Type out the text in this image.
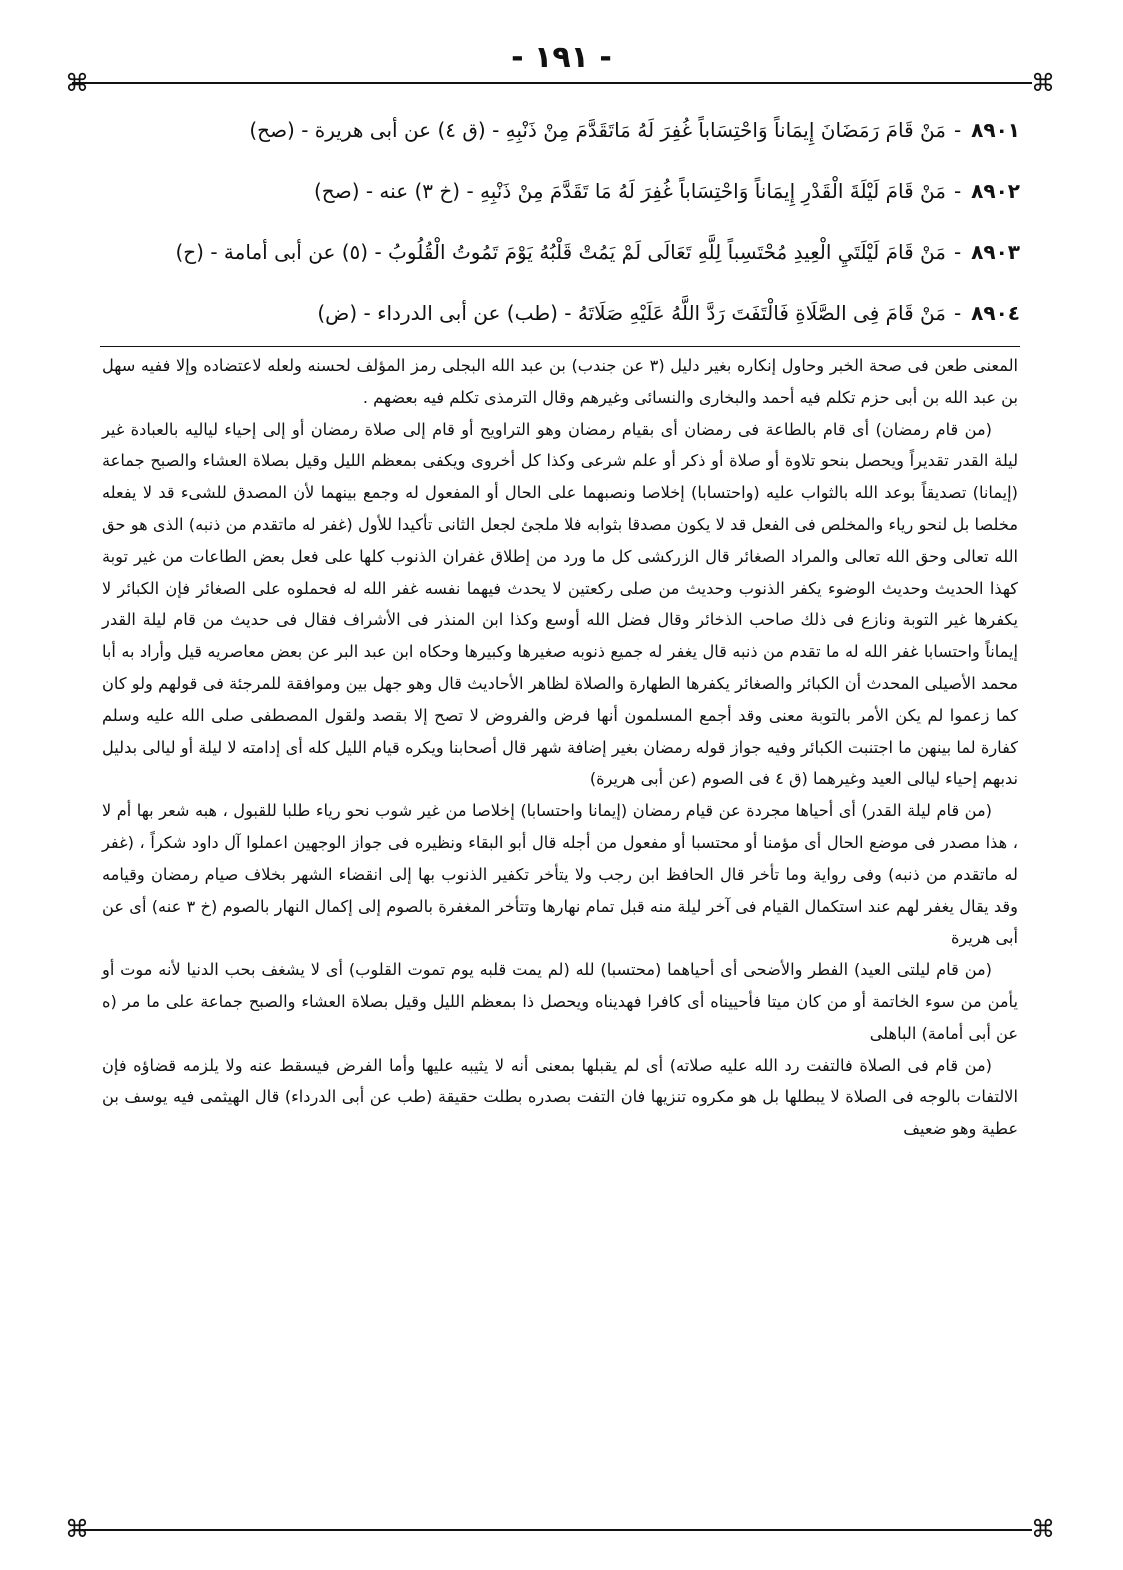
- ١٩١ -
⌘	⌘
٨٩٠١-مَنْ قَامَ رَمَضَانَ إِيمَاناً وَاحْتِسَاباً غُفِرَ لَهُ مَاتَقَدَّمَ مِنْ ذَنْبِهِ - (ق ٤) عن أبى هريرة - (صح)
٨٩٠٢-مَنْ قَامَ لَيْلَةَ الْقَدْرِ إِيمَاناً وَاحْتِسَاباً غُفِرَ لَهُ مَا تَقَدَّمَ مِنْ ذَنْبِهِ - (خ ٣) عنه - (صح)
٨٩٠٣-مَنْ قَامَ لَيْلَتَيِ الْعِيدِ مُحْتَسِباً لِلَّهِ تَعَالَى لَمْ يَمُتْ قَلْبُهُ يَوْمَ تَمُوتُ الْقُلُوبُ - (٥) عن أبى أمامة - (ح)
٨٩٠٤-مَنْ قَامَ فِى الصَّلَاةِ فَالْتَفَتَ رَدَّ اللَّهُ عَلَيْهِ صَلَاتَهُ - (طب) عن أبى الدرداء - (ض)

المعنى طعن فى صحة الخبر وحاول إنكاره بغير دليل (٣ عن جندب) بن عبد الله البجلى رمز المؤلف لحسنه ولعله لاعتضاده وإلا ففيه سهل بن عبد الله بن أبى حزم تكلم فيه أحمد والبخارى والنسائى وغيرهم وقال الترمذى تكلم فيه بعضهم .

(من قام رمضان) أى قام بالطاعة فى رمضان أى بقيام رمضان وهو التراويح أو قام إلى صلاة رمضان أو إلى إحياء لياليه بالعبادة غير ليلة القدر تقديراً ويحصل بنحو تلاوة أو صلاة أو ذكر أو علم شرعى وكذا كل أخروى ويكفى بمعظم الليل وقيل بصلاة العشاء والصبح جماعة (إيمانا) تصديقاً بوعد الله بالثواب عليه (واحتسابا) إخلاصا ونصبهما على الحال أو المفعول له وجمع بينهما لأن المصدق للشىء قد لا يفعله مخلصا بل لنحو رياء والمخلص فى الفعل قد لا يكون مصدقا بثوابه فلا ملجئ لجعل الثانى تأكيدا للأول (غفر له ماتقدم من ذنبه) الذى هو حق الله تعالى وحق الله تعالى والمراد الصغائر قال الزركشى كل ما ورد من إطلاق غفران الذنوب كلها على فعل بعض الطاعات من غير توبة كهذا الحديث وحديث الوضوء يكفر الذنوب وحديث من صلى ركعتين لا يحدث فيهما نفسه غفر الله له فحملوه على الصغائر فإن الكبائر لا يكفرها غير التوبة ونازع فى ذلك صاحب الذخائر وقال فضل الله أوسع وكذا ابن المنذر فى الأشراف فقال فى حديث من قام ليلة القدر إيماناً واحتسابا غفر الله له ما تقدم من ذنبه قال يغفر له جميع ذنوبه صغيرها وكبيرها وحكاه ابن عبد البر عن بعض معاصريه قيل وأراد به أبا محمد الأصيلى المحدث أن الكبائر والصغائر يكفرها الطهارة والصلاة لظاهر الأحاديث قال وهو جهل بين وموافقة للمرجئة فى قولهم ولو كان كما زعموا لم يكن الأمر بالتوبة معنى وقد أجمع المسلمون أنها فرض والفروض لا تصح إلا بقصد ولقول المصطفى صلى الله عليه وسلم كفارة لما بينهن ما اجتنبت الكبائر وفيه جواز قوله رمضان بغير إضافة شهر قال أصحابنا ويكره قيام الليل كله أى إدامته لا ليلة أو ليالى بدليل ندبهم إحياء ليالى العيد وغيرهما (ق ٤ فى الصوم (عن أبى هريرة)

(من قام ليلة القدر) أى أحياها مجردة عن قيام رمضان (إيمانا واحتسابا) إخلاصا من غير شوب نحو رياء طلبا للقبول ، هبه شعر بها أم لا ، هذا مصدر فى موضع الحال أى مؤمنا أو محتسبا أو مفعول من أجله قال أبو البقاء ونظيره فى جواز الوجهين اعملوا آل داود شكراً ، (غفر له ماتقدم من ذنبه) وفى رواية وما تأخر قال الحافظ ابن رجب ولا يتأخر تكفير الذنوب بها إلى انقضاء الشهر بخلاف صيام رمضان وقيامه وقد يقال يغفر لهم عند استكمال القيام فى آخر ليلة منه قبل تمام نهارها وتتأخر المغفرة بالصوم إلى إكمال النهار بالصوم (خ ٣ عنه) أى عن أبى هريرة

(من قام ليلتى العيد) الفطر والأضحى أى أحياهما (محتسبا) لله (لم يمت قلبه يوم تموت القلوب) أى لا يشغف بحب الدنيا لأنه موت أو يأمن من سوء الخاتمة أو من كان ميتا فأحييناه أى كافرا فهديناه ويحصل ذا بمعظم الليل وقيل بصلاة العشاء والصبح جماعة على ما مر (ه عن أبى أمامة) الباهلى

(من قام فى الصلاة فالتفت رد الله عليه صلاته) أى لم يقبلها بمعنى أنه لا يثيبه عليها وأما الفرض فيسقط عنه ولا يلزمه قضاؤه فإن الالتفات بالوجه فى الصلاة لا يبطلها بل هو مكروه تنزيها فان التفت بصدره بطلت حقيقة (طب عن أبى الدرداء) قال الهيثمى فيه يوسف بن عطية وهو ضعيف

⌘	⌘
